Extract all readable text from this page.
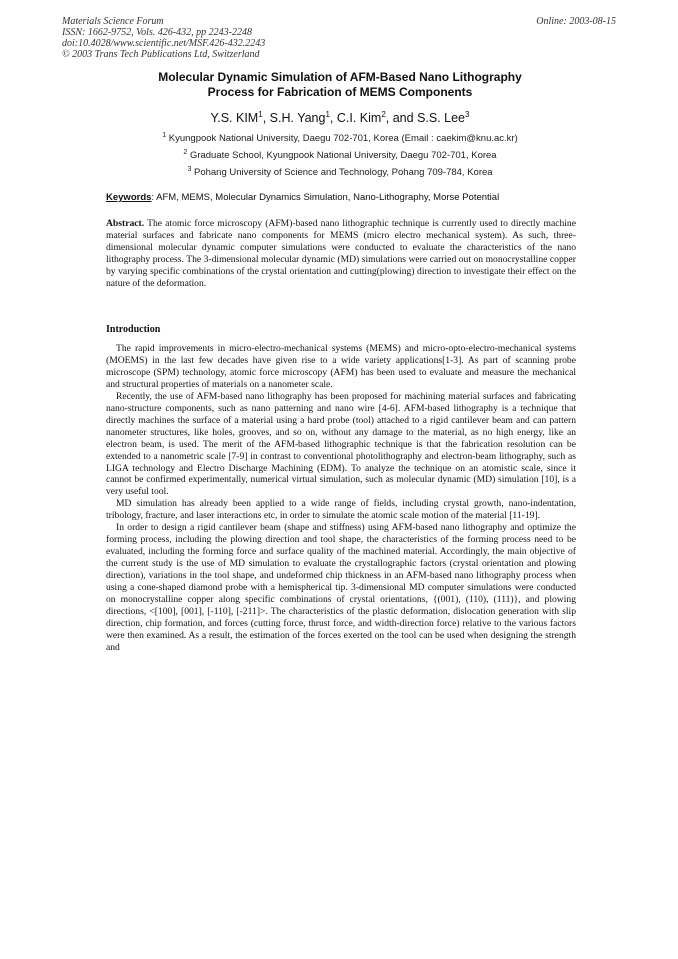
Materials Science Forum
ISSN: 1662-9752, Vols. 426-432, pp 2243-2248
doi:10.4028/www.scientific.net/MSF.426-432.2243
© 2003 Trans Tech Publications Ltd, Switzerland
Online: 2003-08-15
Molecular Dynamic Simulation of AFM-Based Nano Lithography
Process for Fabrication of MEMS Components
Y.S. KIM$^1$, S.H. Yang$^1$, C.I. Kim$^2$, and S.S. Lee$^3$
$^1$ Kyungpook National University, Daegu 702-701, Korea (Email : caekim@knu.ac.kr)
$^2$ Graduate School, Kyungpook National University, Daegu 702-701, Korea
$^3$ Pohang University of Science and Technology, Pohang 709-784, Korea
Keywords: AFM, MEMS, Molecular Dynamics Simulation, Nano-Lithography, Morse Potential
Abstract. The atomic force microscopy (AFM)-based nano lithographic technique is currently used to directly machine material surfaces and fabricate nano components for MEMS (micro electro mechanical system). As such, three-dimensional molecular dynamic computer simulations were conducted to evaluate the characteristics of the nano lithography process. The 3-dimensional molecular dynamic (MD) simulations were carried out on monocrystalline copper by varying specific combinations of the crystal orientation and cutting(plowing) direction to investigate their effect on the nature of the deformation.
Introduction

The rapid improvements in micro-electro-mechanical systems (MEMS) and micro-opto-electro-mechanical systems (MOEMS) in the last few decades have given rise to a wide variety applications[1-3]. As part of scanning probe microscope (SPM) technology, atomic force microscopy (AFM) has been used to evaluate and measure the mechanical and structural properties of materials on a nanometer scale.

Recently, the use of AFM-based nano lithography has been proposed for machining material surfaces and fabricating nano-structure components, such as nano patterning and nano wire [4-6]. AFM-based lithography is a technique that directly machines the surface of a material using a hard probe (tool) attached to a rigid cantilever beam and can pattern nanometer structures, like holes, grooves, and so on, without any damage to the material, as no high energy, like an electron beam, is used. The merit of the AFM-based lithographic technique is that the fabrication resolution can be extended to a nanometric scale [7-9] in contrast to conventional photolithography and electron-beam lithography, such as LIGA technology and Electro Discharge Machining (EDM). To analyze the technique on an atomistic scale, since it cannot be confirmed experimentally, numerical virtual simulation, such as molecular dynamic (MD) simulation [10], is a very useful tool.

MD simulation has already been applied to a wide range of fields, including crystal growth, nano-indentation, tribology, fracture, and laser interactions etc, in order to simulate the atomic scale motion of the material [11-19].

In order to design a rigid cantilever beam (shape and stiffness) using AFM-based nano lithography and optimize the forming process, including the plowing direction and tool shape, the characteristics of the forming process need to be evaluated, including the forming force and surface quality of the machined material. Accordingly, the main objective of the current study is the use of MD simulation to evaluate the crystallographic factors (crystal orientation and plowing direction), variations in the tool shape, and undeformed chip thickness in an AFM-based nano lithography process when using a cone-shaped diamond probe with a hemispherical tip. 3-dimensional MD computer simulations were conducted on monocrystalline copper along specific combinations of crystal orientations, {(001), (110), (111)}, and plowing directions, <[100], [001], [-110], [-211]>. The characteristics of the plastic deformation, dislocation generation with slip direction, chip formation, and forces (cutting force, thrust force, and width-direction force) relative to the various factors were then examined. As a result, the estimation of the forces exerted on the tool can be used when designing the strength and
